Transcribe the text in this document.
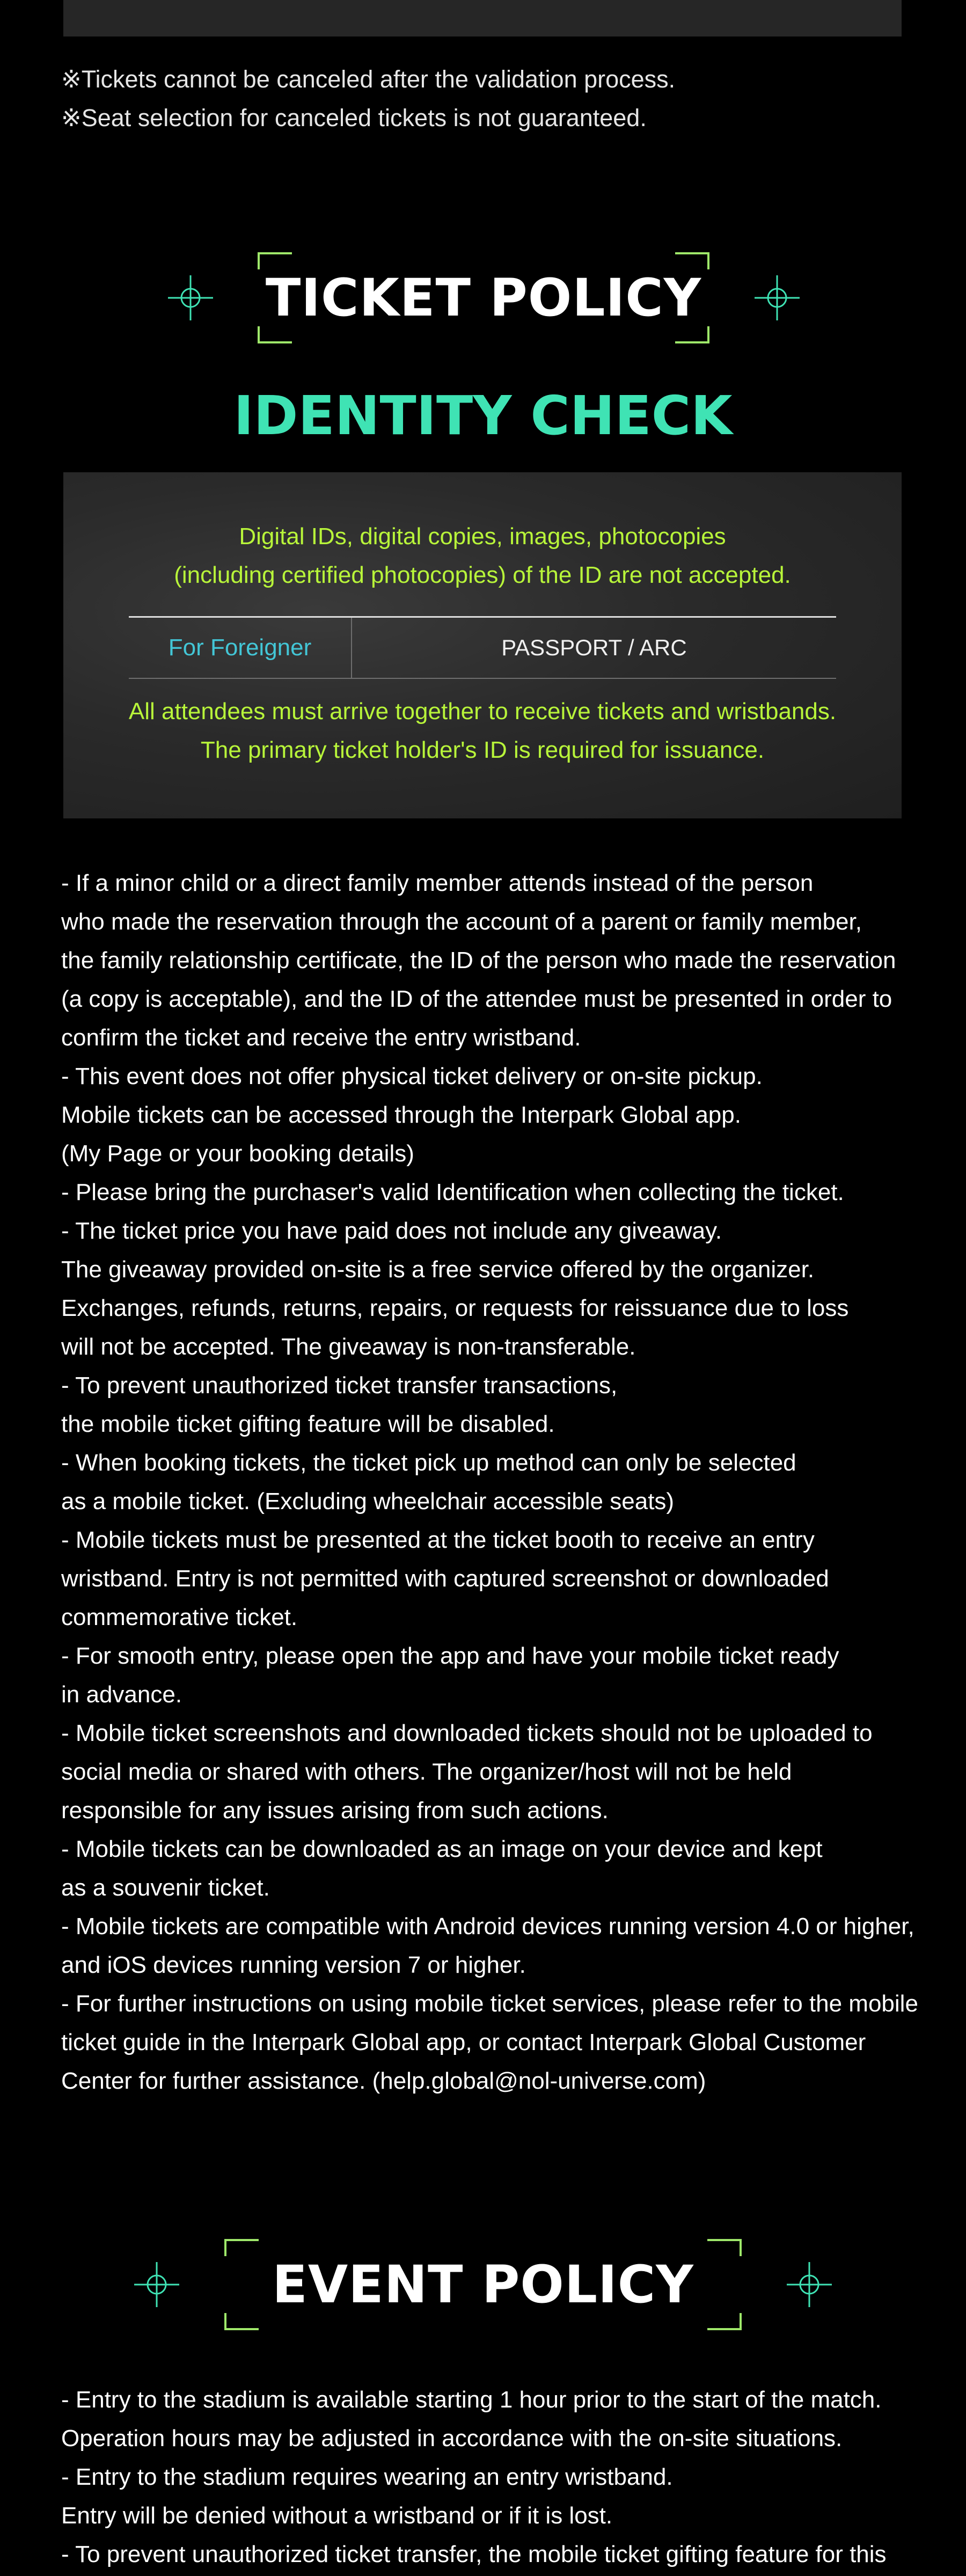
※Tickets cannot be canceled after the validation process.
※Seat selection for canceled tickets is not guaranteed.
TICKET POLICY
IDENTITY CHECK
Digital IDs, digital copies, images, photocopies
(including certified photocopies) of the ID are not accepted.
For Foreigner	PASSPORT / ARC
All attendees must arrive together to receive tickets and wristbands.
The primary ticket holder's ID is required for issuance.
- If a minor child or a direct family member attends instead of the person
who made the reservation through the account of a parent or family member,
the family relationship certificate, the ID of the person who made the reservation
(a copy is acceptable), and the ID of the attendee must be presented in order to
confirm the ticket and receive the entry wristband.
- This event does not offer physical ticket delivery or on-site pickup.
Mobile tickets can be accessed through the Interpark Global app.
(My Page or your booking details)
- Please bring the purchaser's valid Identification when collecting the ticket.
- The ticket price you have paid does not include any giveaway.
The giveaway provided on-site is a free service offered by the organizer.
Exchanges, refunds, returns, repairs, or requests for reissuance due to loss
will not be accepted. The giveaway is non-transferable.
- To prevent unauthorized ticket transfer transactions,
the mobile ticket gifting feature will be disabled.
- When booking tickets, the ticket pick up method can only be selected
as a mobile ticket. (Excluding wheelchair accessible seats)
- Mobile tickets must be presented at the ticket booth to receive an entry
wristband. Entry is not permitted with captured screenshot or downloaded
commemorative ticket.
- For smooth entry, please open the app and have your mobile ticket ready
in advance.
- Mobile ticket screenshots and downloaded tickets should not be uploaded to
social media or shared with others. The organizer/host will not be held
responsible for any issues arising from such actions.
- Mobile tickets can be downloaded as an image on your device and kept
as a souvenir ticket.
- Mobile tickets are compatible with Android devices running version 4.0 or higher,
and iOS devices running version 7 or higher.
- For further instructions on using mobile ticket services, please refer to the mobile
ticket guide in the Interpark Global app, or contact Interpark Global Customer
Center for further assistance. (help.global@nol-universe.com)
EVENT POLICY
- Entry to the stadium is available starting 1 hour prior to the start of the match.
Operation hours may be adjusted in accordance with the on-site situations.
- Entry to the stadium requires wearing an entry wristband.
Entry will be denied without a wristband or if it is lost.
- To prevent unauthorized ticket transfer, the mobile ticket gifting feature for this
